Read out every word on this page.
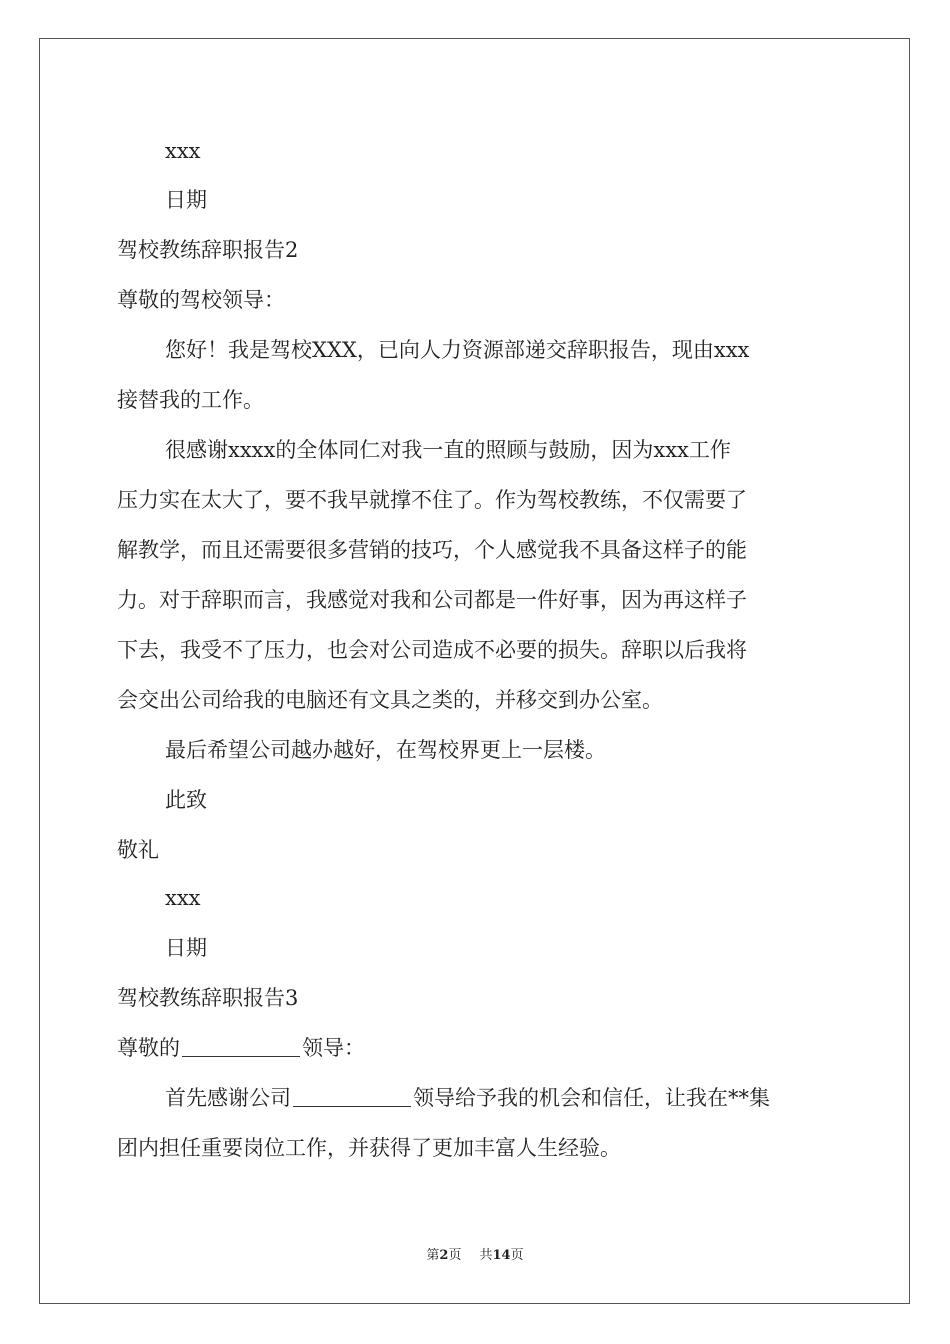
xxx
日期
驾校教练辞职报告2
尊敬的驾校领导：
您好！我是驾校XXX，已向人力资源部递交辞职报告，现由xxx
接替我的工作。
很感谢xxxx的全体同仁对我一直的照顾与鼓励，因为xxx工作
压力实在太大了，要不我早就撑不住了。作为驾校教练，不仅需要了
解教学，而且还需要很多营销的技巧，个人感觉我不具备这样子的能
力。对于辞职而言，我感觉对我和公司都是一件好事，因为再这样子
下去，我受不了压力，也会对公司造成不必要的损失。辞职以后我将
会交出公司给我的电脑还有文具之类的，并移交到办公室。
最后希望公司越办越好，在驾校界更上一层楼。
此致
敬礼
xxx
日期
驾校教练辞职报告3
尊敬的	领导：
首先感谢公司	领导给予我的机会和信任，让我在**集
团内担任重要岗位工作，并获得了更加丰富人生经验。
第2页 共14页
